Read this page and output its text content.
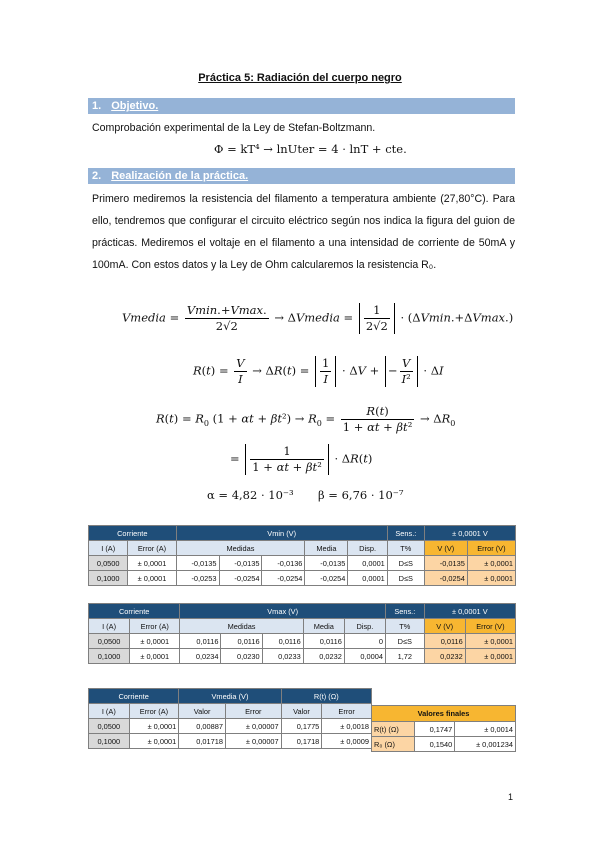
Práctica 5: Radiación del cuerpo negro
1. Objetivo.
Comprobación experimental de la Ley de Stefan-Boltzmann.
Φ = kT⁴ → lnUter = 4 · lnT + cte.
2. Realización de la práctica.
Primero mediremos la resistencia del filamento a temperatura ambiente (27,80°C). Para ello, tendremos que configurar el circuito eléctrico según nos indica la figura del guion de prácticas. Mediremos el voltaje en el filamento a una intensidad de corriente de 50mA y 100mA. Con estos datos y la Ley de Ohm calcularemos la resistencia R₀.
Vmedia = $\frac{Vmin.+Vmax.}{2√2}$ → ΔVmedia = $\frac{1}{2√2} \cdot (\Delta Vmin.+\Delta Vmax.)$
$R(t) = \frac{V}{I} \to \Delta R(t) = \frac{1}{I} \cdot \Delta V$ + − $\frac{V}{\text{I²}} \cdot \Delta I$
$R(t) = R_0$ $(1 + \alpha t + \beta t^2) \to R_0 = \frac{R(t)}{\text{1 + αt + βt²}} \to \Delta R_0$
= $\frac{1}{\text{1 + αt + βt²}} \cdot \Delta R(t)$
α = 4,82 · 10⁻³ β = 6,76 · 10⁻⁷
Corriente		Vmin (V)					Sens.:	± 0,0001 V	
I (A)	Error (A)	Medidas			Media	Disp.	T%	V (V)	Error (V)
0,0500	± 0,0001	-0,0135	-0,0135	-0,0136	-0,0135	0,0001	D≤S	-0,0135	± 0,0001
0,1000	± 0,0001	-0,0253	-0,0254	-0,0254	-0,0254	0,0001	D≤S	-0,0254	± 0,0001
Corriente		Vmax (V)					Sens.:	± 0,0001 V	
I (A)	Error (A)	Medidas			Media	Disp.	T%	V (V)	Error (V)
0,0500	± 0,0001	0,0116	0,0116	0,0116	0,0116	0	D≤S	0,0116	± 0,0001
0,1000	± 0,0001	0,0234	0,0230	0,0233	0,0232	0,0004	1,72	0,0232	± 0,0001
Corriente		Vmedia (V)		R(t) (Ω)	
I (A)	Error (A)	Valor	Error	Valor	Error
0,0500	± 0,0001	0,00887	± 0,00007	0,1775	± 0,0018
0,1000	± 0,0001	0,01718	± 0,00007	0,1718	± 0,0009
Valores finales		
R(t) (Ω)	0,1747	± 0,0014
R₀ (Ω)	0,1540	± 0,001234
1
